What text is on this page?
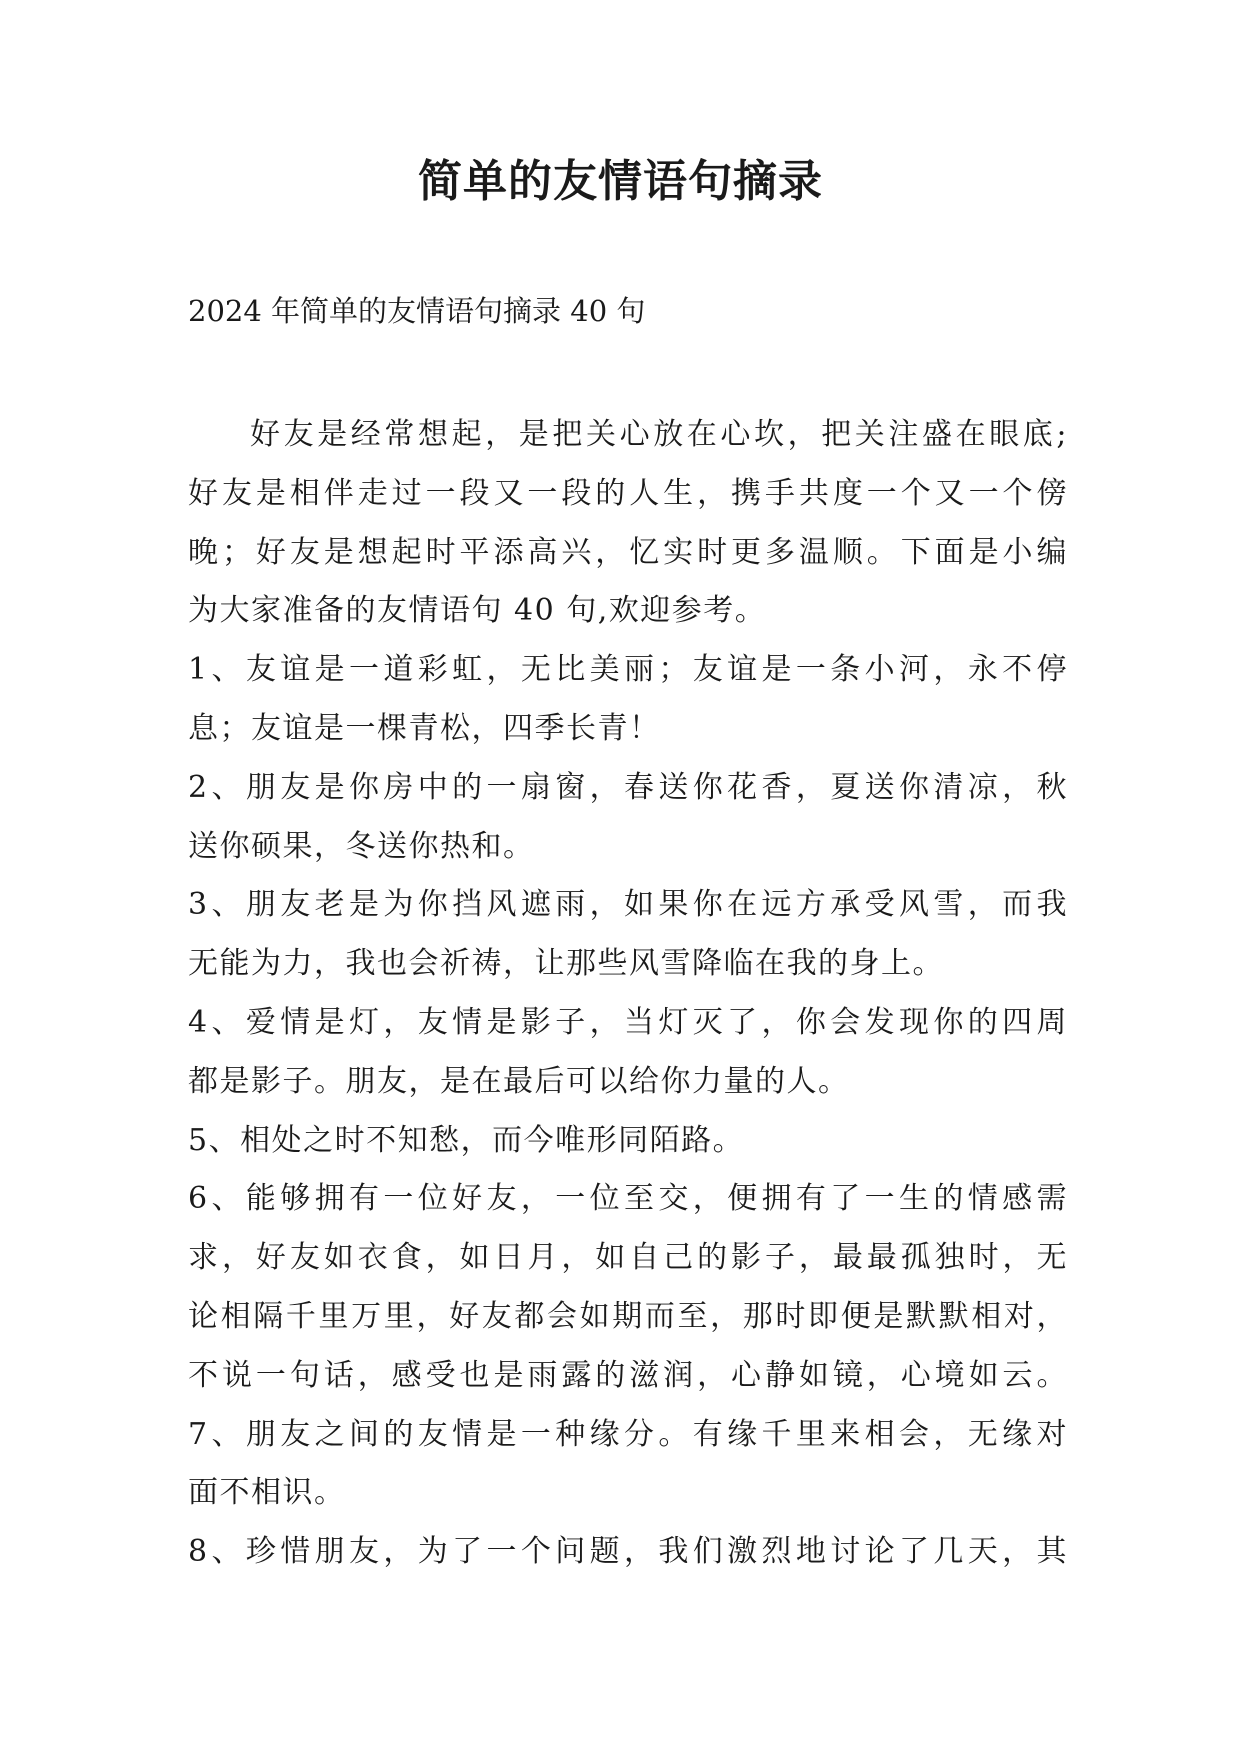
简单的友情语句摘录
2024 年简单的友情语句摘录 40 句
好友是经常想起，是把关心放在心坎，把关注盛在眼底;
好友是相伴走过一段又一段的人生，携手共度一个又一个傍
晚；好友是想起时平添高兴，忆实时更多温顺。下面是小编
为大家准备的友情语句 40 句,欢迎参考。
1、友谊是一道彩虹，无比美丽；友谊是一条小河，永不停
息；友谊是一棵青松，四季长青！
2、朋友是你房中的一扇窗，春送你花香，夏送你清凉，秋
送你硕果，冬送你热和。
3、朋友老是为你挡风遮雨，如果你在远方承受风雪，而我
无能为力，我也会祈祷，让那些风雪降临在我的身上。
4、爱情是灯，友情是影子，当灯灭了，你会发现你的四周
都是影子。朋友，是在最后可以给你力量的人。
5、相处之时不知愁，而今唯形同陌路。
6、能够拥有一位好友，一位至交，便拥有了一生的情感需
求，好友如衣食，如日月，如自己的影子，最最孤独时，无
论相隔千里万里，好友都会如期而至，那时即便是默默相对，
不说一句话，感受也是雨露的滋润，心静如镜，心境如云。
7、朋友之间的友情是一种缘分。有缘千里来相会，无缘对
面不相识。
8、珍惜朋友，为了一个问题，我们激烈地讨论了几天，其
